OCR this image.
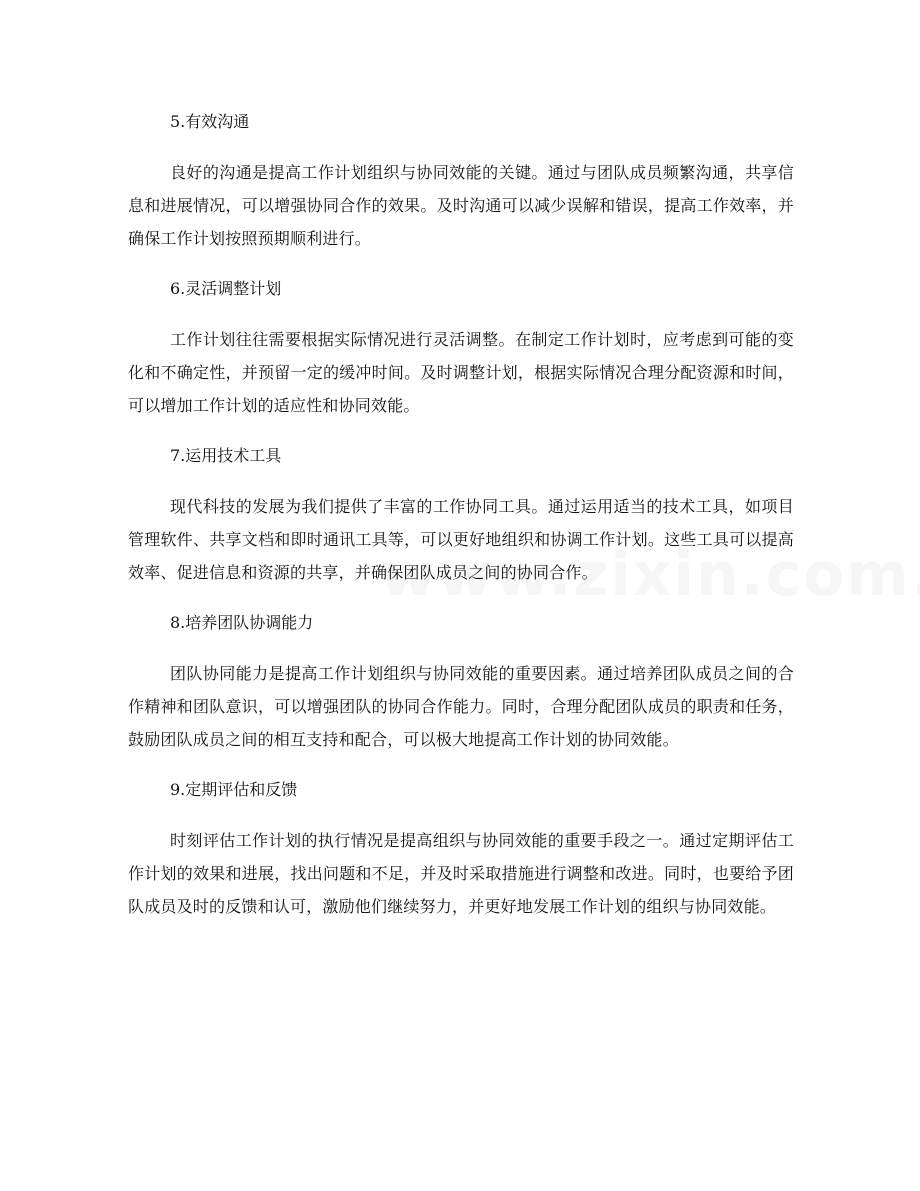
5.有效沟通

良好的沟通是提高工作计划组织与协同效能的关键。通过与团队成员频繁沟通，共享信息和进展情况，可以增强协同合作的效果。及时沟通可以减少误解和错误，提高工作效率，并确保工作计划按照预期顺利进行。

6.灵活调整计划

工作计划往往需要根据实际情况进行灵活调整。在制定工作计划时，应考虑到可能的变化和不确定性，并预留一定的缓冲时间。及时调整计划，根据实际情况合理分配资源和时间，可以增加工作计划的适应性和协同效能。

7.运用技术工具

现代科技的发展为我们提供了丰富的工作协同工具。通过运用适当的技术工具，如项目管理软件、共享文档和即时通讯工具等，可以更好地组织和协调工作计划。这些工具可以提高效率、促进信息和资源的共享，并确保团队成员之间的协同合作。

8.培养团队协调能力

团队协同能力是提高工作计划组织与协同效能的重要因素。通过培养团队成员之间的合作精神和团队意识，可以增强团队的协同合作能力。同时，合理分配团队成员的职责和任务，鼓励团队成员之间的相互支持和配合，可以极大地提高工作计划的协同效能。

9.定期评估和反馈

时刻评估工作计划的执行情况是提高组织与协同效能的重要手段之一。通过定期评估工作计划的效果和进展，找出问题和不足，并及时采取措施进行调整和改进。同时，也要给予团队成员及时的反馈和认可，激励他们继续努力，并更好地发展工作计划的组织与协同效能。
